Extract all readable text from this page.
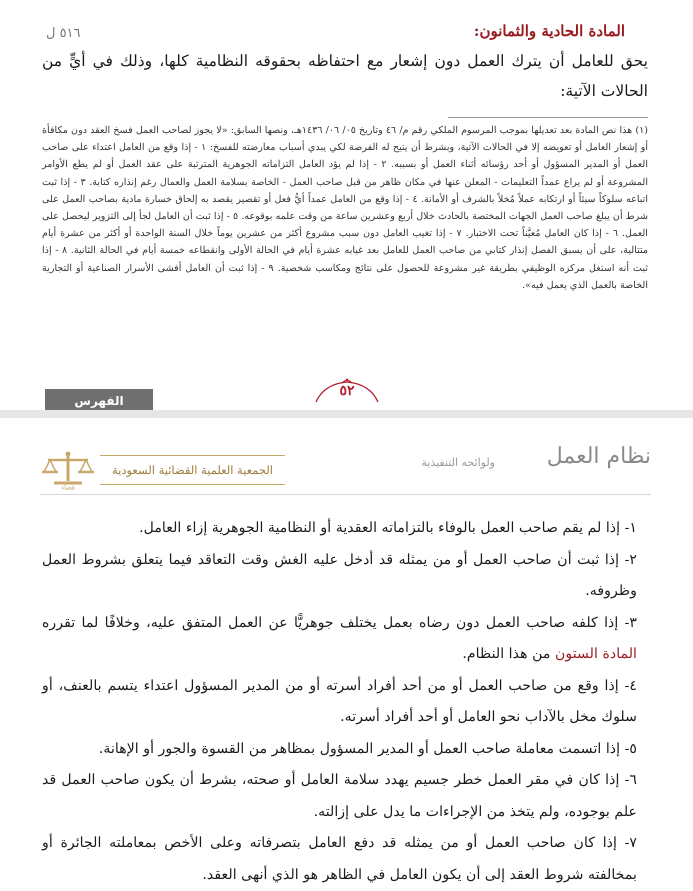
٥١٦ ل	المادة الحادية والثمانون:
يحق للعامل أن يترك العمل دون إشعار مع احتفاظه بحقوقه النظامية كلها، وذلك في أيٍّ من الحالات الآتية:
(١) هذا نص المادة بعد تعديلها بموجب المرسوم الملكي رقم م/ ٤٦ وتاريخ ٠٥/ ٠٦/ ١٤٣٦هـ، ونصها السابق: «لا يجوز لصاحب العمل فسخ العقد دون مكافأة أو إشعار العامل أو تعويضه إلا في الحالات الآتية، وبشرط أن يتيح له الفرصة لكي يبدي أسباب معارضته للفسخ: ١ - إذا وقع من العامل اعتداء على صاحب العمل أو المدير المسؤول أو أحد رؤسائه أثناء العمل أو بسببه. ٢ - إذا لم يؤد العامل التزاماته الجوهرية المترتبة على عقد العمل أو لم يطع الأوامر المشروعة أو لم يراع عمداً التعليمات - المعلن عنها في مكان ظاهر من قبل صاحب العمل - الخاصة بسلامة العمل والعمال رغم إنذاره كتابة. ٣ - إذا ثبت اتباعه سلوكاً سيئاً أو ارتكابه عملاً مُخلاً بالشرف أو الأمانة. ٤ - إذا وقع من العامل عمداً أيُّ فعل أو تقصير يقصد به إلحاق خسارة مادية بصاحب العمل على شرط أن يبلغ صاحب العمل الجهات المختصة بالحادث خلال أربع وعشرين ساعة من وقت علمه بوقوعه. ٥ - إذا ثبت أن العامل لجأ إلى التزوير ليحصل على العمل. ٦ - إذا كان العامل مُعيَّناً تحت الاختبار. ٧ - إذا تغيب العامل دون سبب مشروع أكثر من عشرين يوماً خلال السنة الواحدة أو أكثر من عشرة أيام متتالية، على أن يسبق الفصل إنذار كتابي من صاحب العمل للعامل بعد غيابه عشرة أيام في الحالة الأولى وانقطاعه خمسة أيام في الحالة الثانية. ٨ - إذا ثبت أنه استغل مركزه الوظيفي بطريقة غير مشروعة للحصول على نتائج ومكاسب شخصية. ٩ - إذا ثبت أن العامل أفشى الأسرار الصناعية أو التجارية الخاصة بالعمل الذي يعمل فيه».
٥٢
الفهرس
قضاء
الجمعية العلمية القضائية السعودية
ولوائحه التنفيذية نظام العمل

١- إذا لم يقم صاحب العمل بالوفاء بالتزاماته العقدية أو النظامية الجوهرية إزاء العامل.

٢- إذا ثبت أن صاحب العمل أو من يمثله قد أدخل عليه الغش وقت التعاقد فيما يتعلق بشروط العمل وظروفه.

٣- إذا كلفه صاحب العمل دون رضاه بعمل يختلف جوهريًّا عن العمل المتفق عليه، وخلافًا لما تقرره المادة الستون من هذا النظام.

٤- إذا وقع من صاحب العمل أو من أحد أفراد أسرته أو من المدير المسؤول اعتداء يتسم بالعنف، أو سلوك مخل بالآداب نحو العامل أو أحد أفراد أسرته.

٥- إذا اتسمت معاملة صاحب العمل أو المدير المسؤول بمظاهر من القسوة والجور أو الإهانة.

٦- إذا كان في مقر العمل خطر جسيم يهدد سلامة العامل أو صحته، بشرط أن يكون صاحب العمل قد علم بوجوده، ولم يتخذ من الإجراءات ما يدل على إزالته.

٧- إذا كان صاحب العمل أو من يمثله قد دفع العامل بتصرفاته وعلى الأخص بمعاملته الجائرة أو بمخالفته شروط العقد إلى أن يكون العامل في الظاهر هو الذي أنهى العقد.
